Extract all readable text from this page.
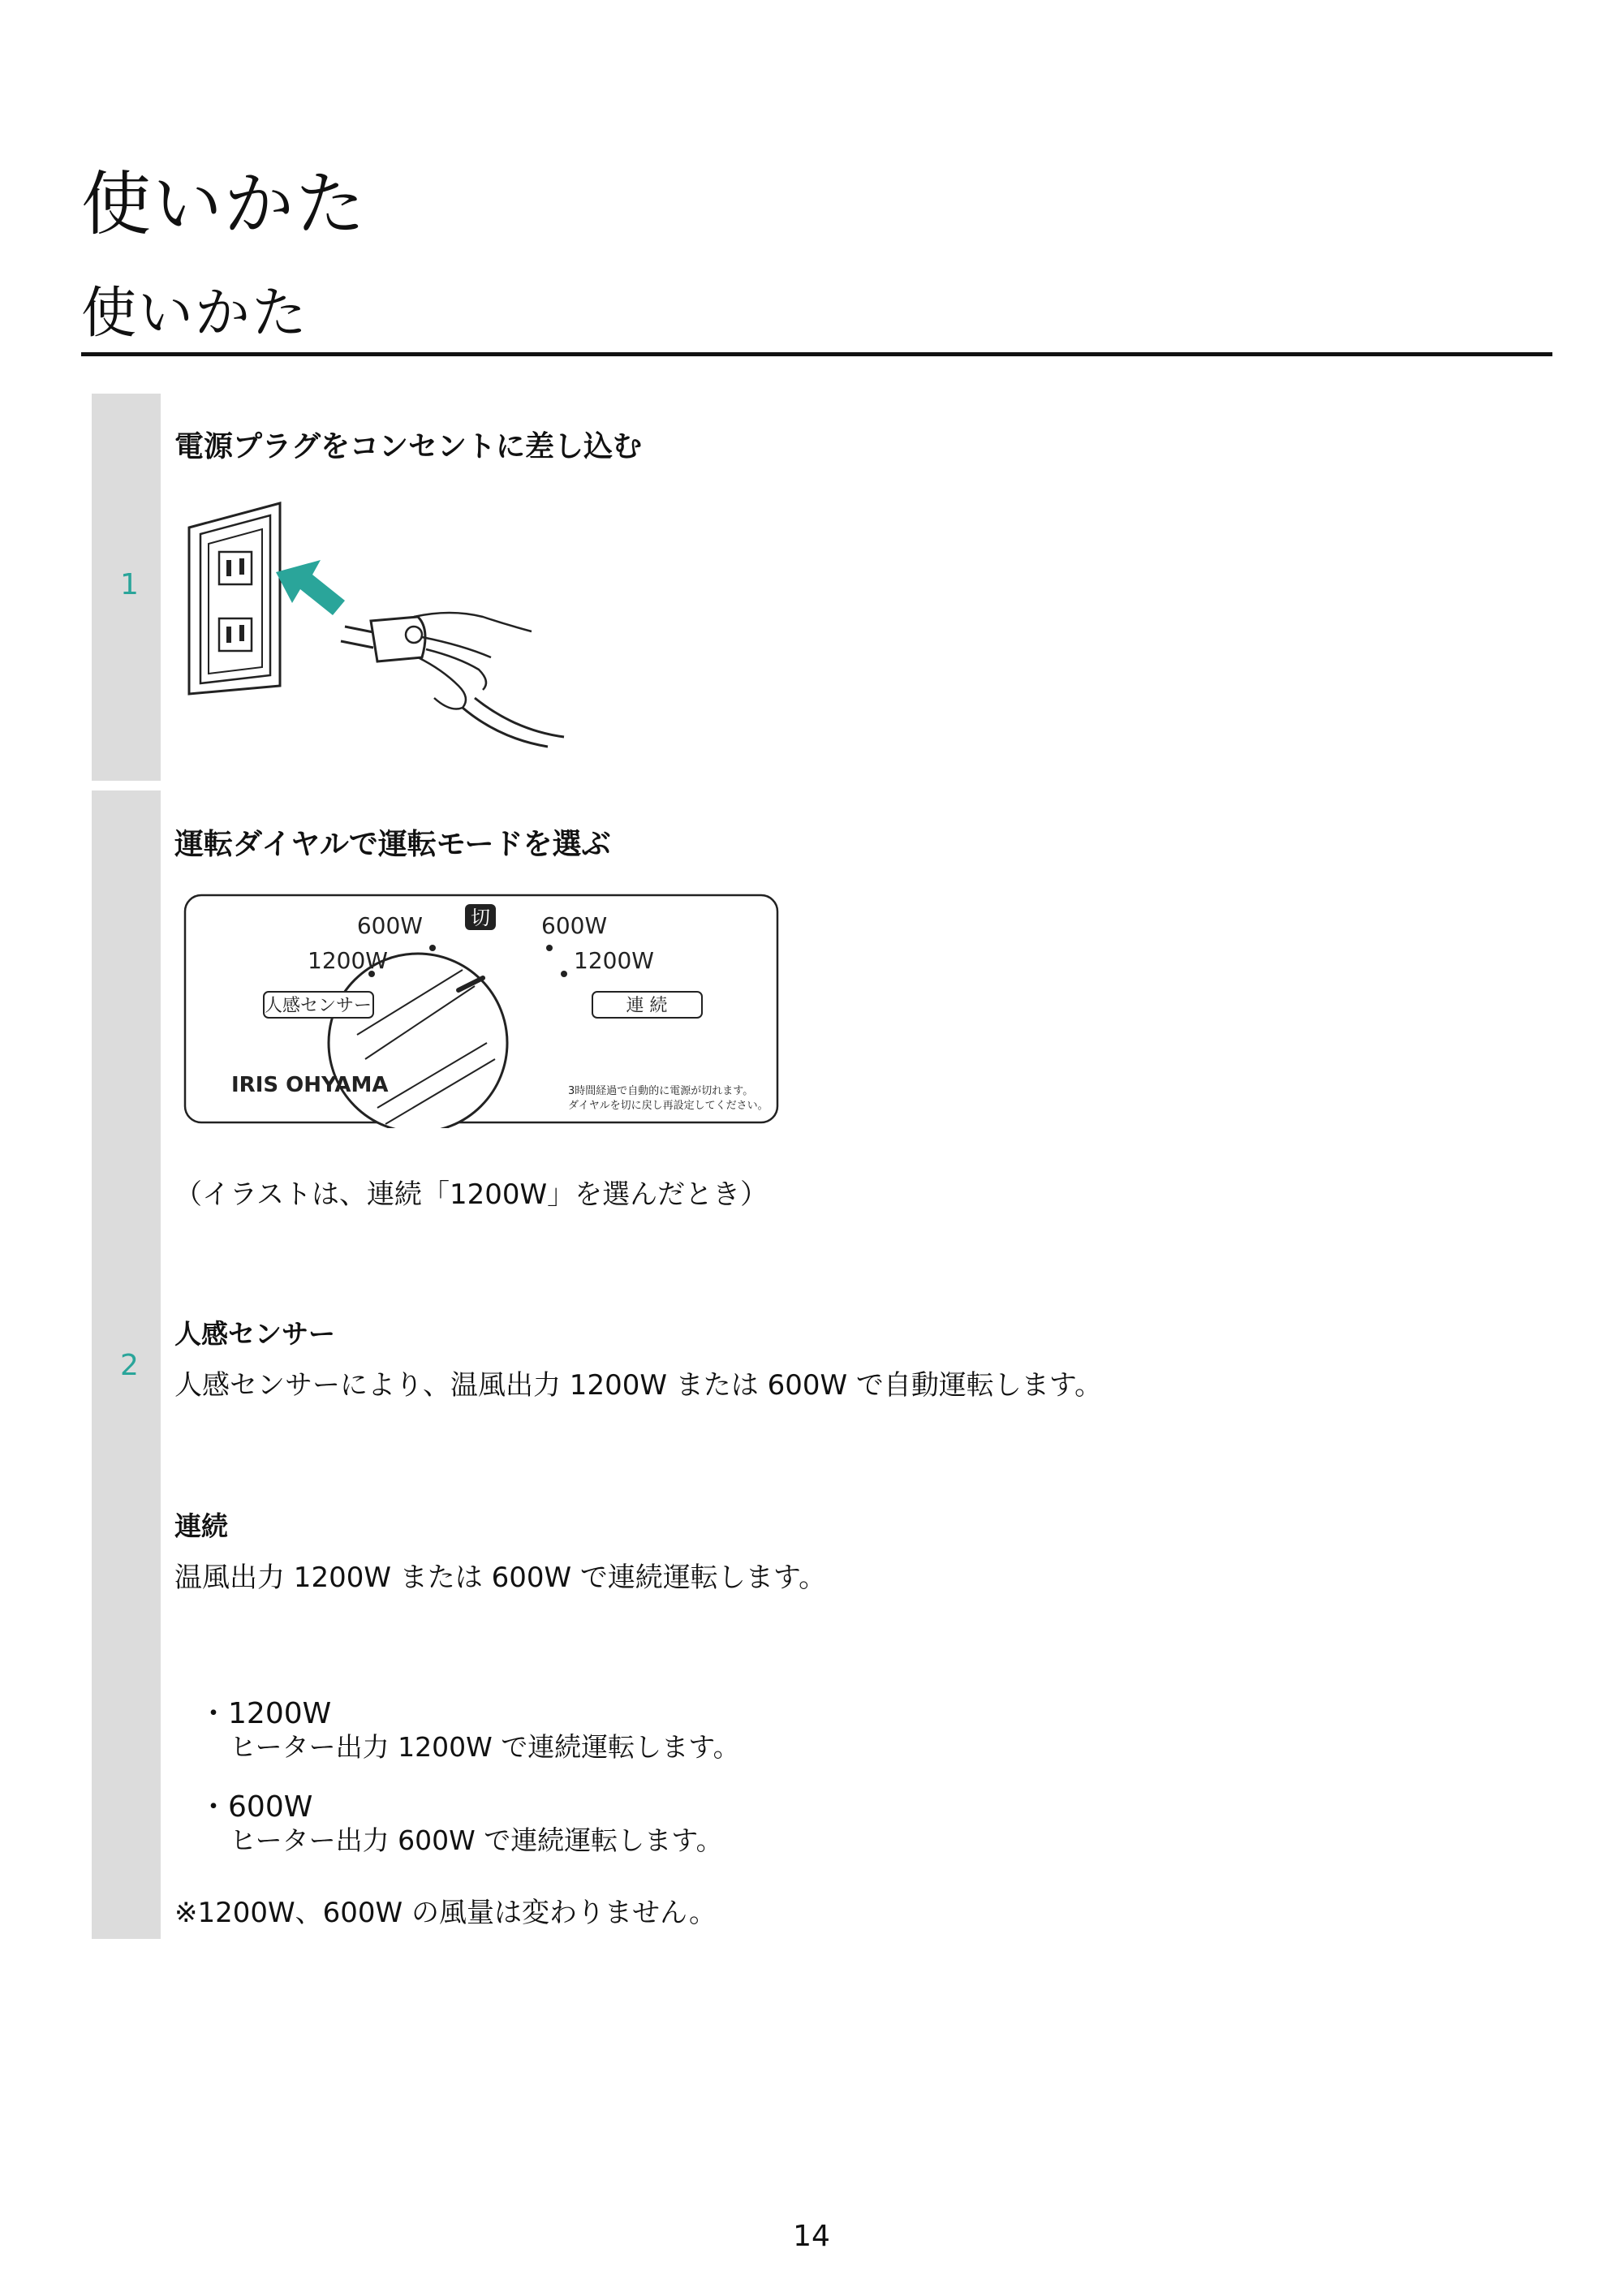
使いかた
使いかた
1
電源プラグをコンセントに差し込む
2
運転ダイヤルで運転モードを選ぶ
切
600W
1200W
600W
1200W
人感センサー	連 続
IRIS OHYAMA	3時間経過で自動的に電源が切れます。
ダイヤルを切に戻し再設定してください。
（イラストは、連続「1200W」を選んだとき）
人感センサー
人感センサーにより、温風出力 1200W または 600W で自動運転します。
連続
温風出力 1200W または 600W で連続運転します。
・1200W
ヒーター出力 1200W で連続運転します。
・600W
ヒーター出力 600W で連続運転します。
※1200W、600W の風量は変わりません。
14
